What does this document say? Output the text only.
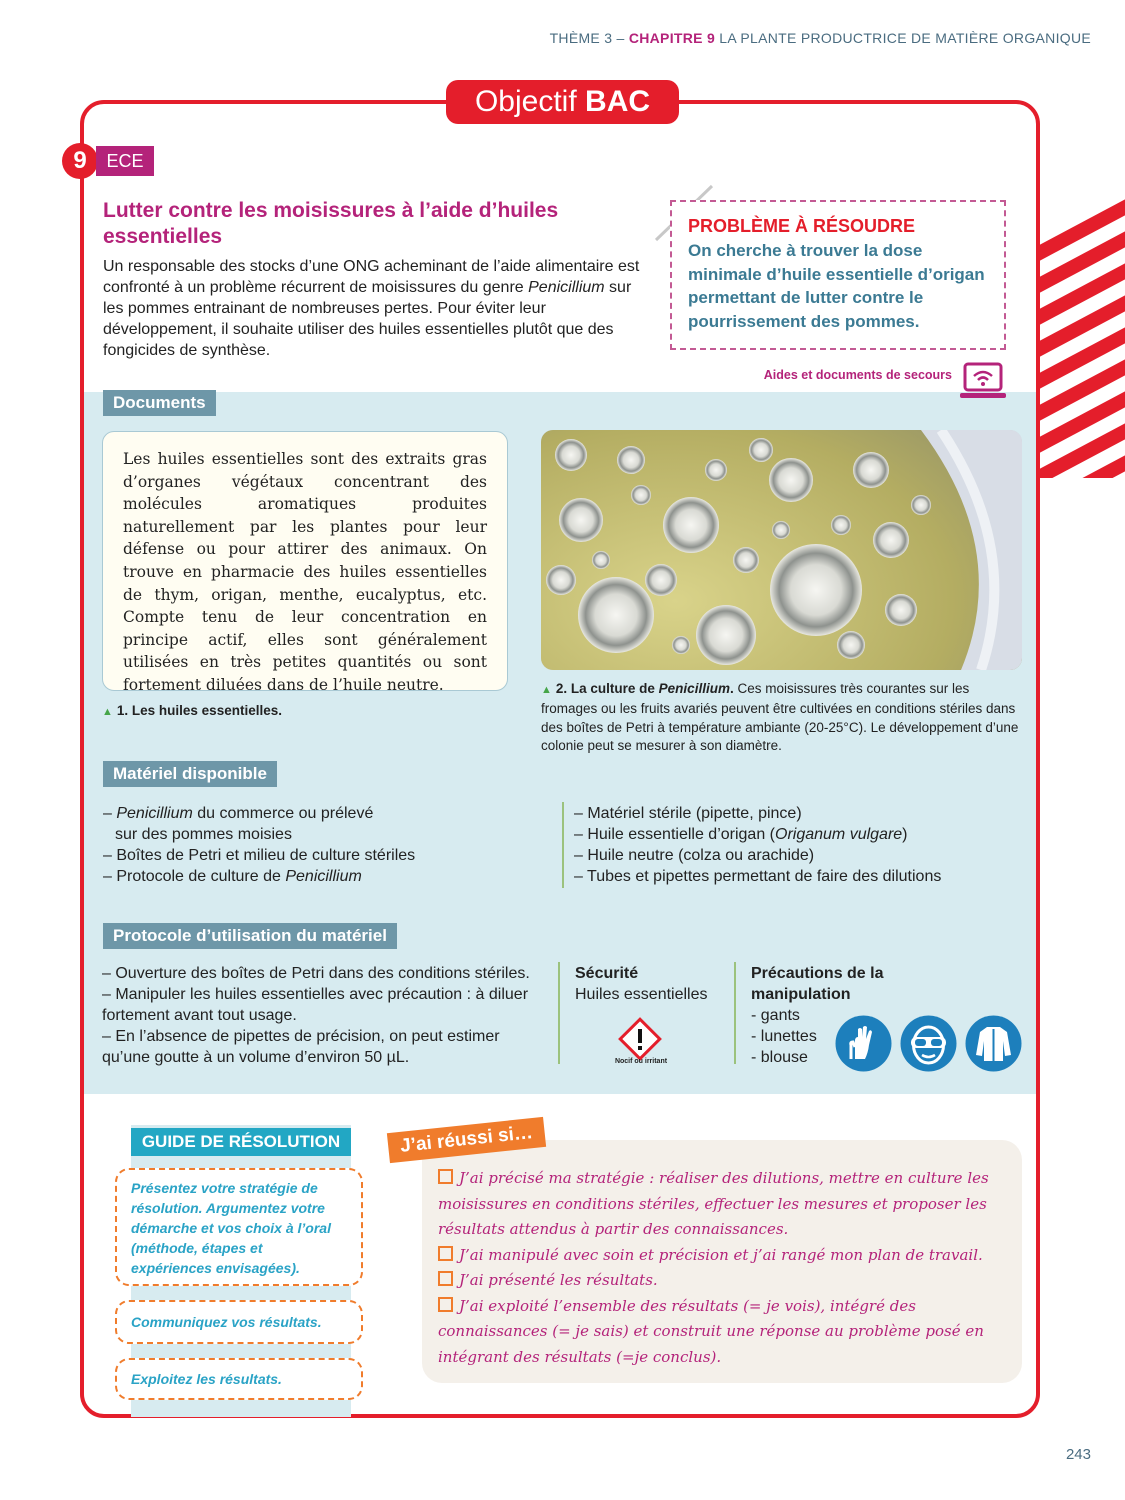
THÈME 3 – CHAPITRE 9 LA PLANTE PRODUCTRICE DE MATIÈRE ORGANIQUE
Objectif BAC
9	ECE
Lutter contre les moisissures à l’aide d’huiles essentielles
Un responsable des stocks d’une ONG acheminant de l’aide alimentaire est confronté à un problème récurrent de moisissures du genre Penicillium sur les pommes entrainant de nombreuses pertes. Pour éviter leur développement, il souhaite utiliser des huiles essentielles plutôt que des fongicides de synthèse.
PROBLÈME À RÉSOUDRE
On cherche à trouver la dose minimale d’huile essentielle d’origan permettant de lutter contre le pourrissement des pommes.
Aides et documents de secours
Documents
Les huiles essentielles sont des extraits gras d’organes végétaux concentrant des molécules aromatiques produites naturellement par les plantes pour leur défense ou pour attirer des animaux. On trouve en pharmacie des huiles essentielles de thym, origan, menthe, eucalyptus, etc. Compte tenu de leur concentration en principe actif, elles sont généralement utilisées en très petites quantités ou sont fortement diluées dans de l’huile neutre.
▲ 1. Les huiles essentielles.
▲ 2. La culture de Penicillium. Ces moisissures très courantes sur les fromages ou les fruits avariés peuvent être cultivées en conditions stériles dans des boîtes de Petri à température ambiante (20-25°C). Le développement d’une colonie peut se mesurer à son diamètre.
Matériel disponible
– Penicillium du commerce ou prélevé
sur des pommes moisies
– Boîtes de Petri et milieu de culture stériles
– Protocole de culture de Penicillium
– Matériel stérile (pipette, pince)
– Huile essentielle d’origan (Origanum vulgare)
– Huile neutre (colza ou arachide)
– Tubes et pipettes permettant de faire des dilutions
Protocole d’utilisation du matériel
– Ouverture des boîtes de Petri dans des conditions stériles.
– Manipuler les huiles essentielles avec précaution : à diluer fortement avant tout usage.
– En l’absence de pipettes de précision, on peut estimer qu’une goutte à un volume d’environ 50 µL.
Sécurité
Huiles essentielles
Nocif ou irritant
Précautions de la manipulation
- gants
- lunettes
- blouse
GUIDE DE RÉSOLUTION
Présentez votre stratégie de résolution. Argumentez votre démarche et vos choix à l’oral (méthode, étapes et expériences envisagées).
Communiquez vos résultats.
Exploitez les résultats.
J’ai réussi si…
J’ai précisé ma stratégie : réaliser des dilutions, mettre en culture les moisissures en conditions stériles, effectuer les mesures et proposer les résultats attendus à partir des connaissances.
J’ai manipulé avec soin et précision et j’ai rangé mon plan de travail.
J’ai présenté les résultats.
J’ai exploité l’ensemble des résultats (= je vois), intégré des connaissances (= je sais) et construit une réponse au problème posé en intégrant des résultats (=je conclus).
243
